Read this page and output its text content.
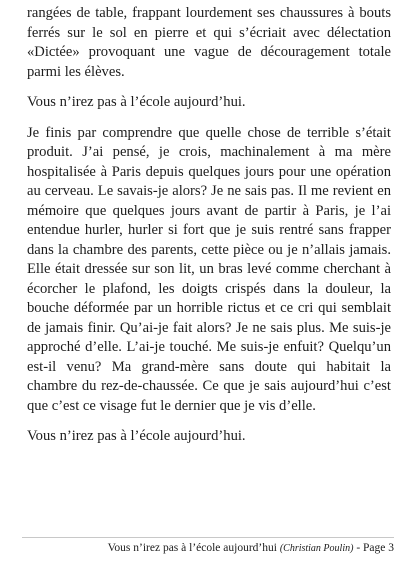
rangées de table, frappant lourdement ses chaussures à bouts ferrés sur le sol en pierre et qui s’écriait avec délectation «Dictée» provoquant une vague de découragement totale parmi les élèves.

Vous n’irez pas à l’école aujourd’hui.

Je finis par comprendre que quelle chose de terrible s’était produit. J’ai pensé, je crois, machinalement à ma mère hospitalisée à Paris depuis quelques jours pour une opération au cerveau. Le savais-je alors? Je ne sais pas. Il me revient en mémoire que quelques jours avant de partir à Paris, je l’ai entendue hurler, hurler si fort que je suis rentré sans frapper dans la chambre des parents, cette pièce ou je n’allais jamais. Elle était dressée sur son lit, un bras levé comme cherchant à écorcher le plafond, les doigts crispés dans la douleur, la bouche déformée par un horrible rictus et ce cri qui semblait de jamais finir. Qu’ai-je fait alors? Je ne sais plus. Me suis-je approché d’elle. L’ai-je touché. Me suis-je enfuit? Quelqu’un est-il venu? Ma grand-mère sans doute qui habitait la chambre du rez-de-chaussée. Ce que je sais aujourd’hui c’est que c’est ce visage fut le dernier que je vis d’elle.

Vous n’irez pas à l’école aujourd’hui.

Vous n’irez pas à l’école aujourd’hui (Christian Poulin) - Page 3
